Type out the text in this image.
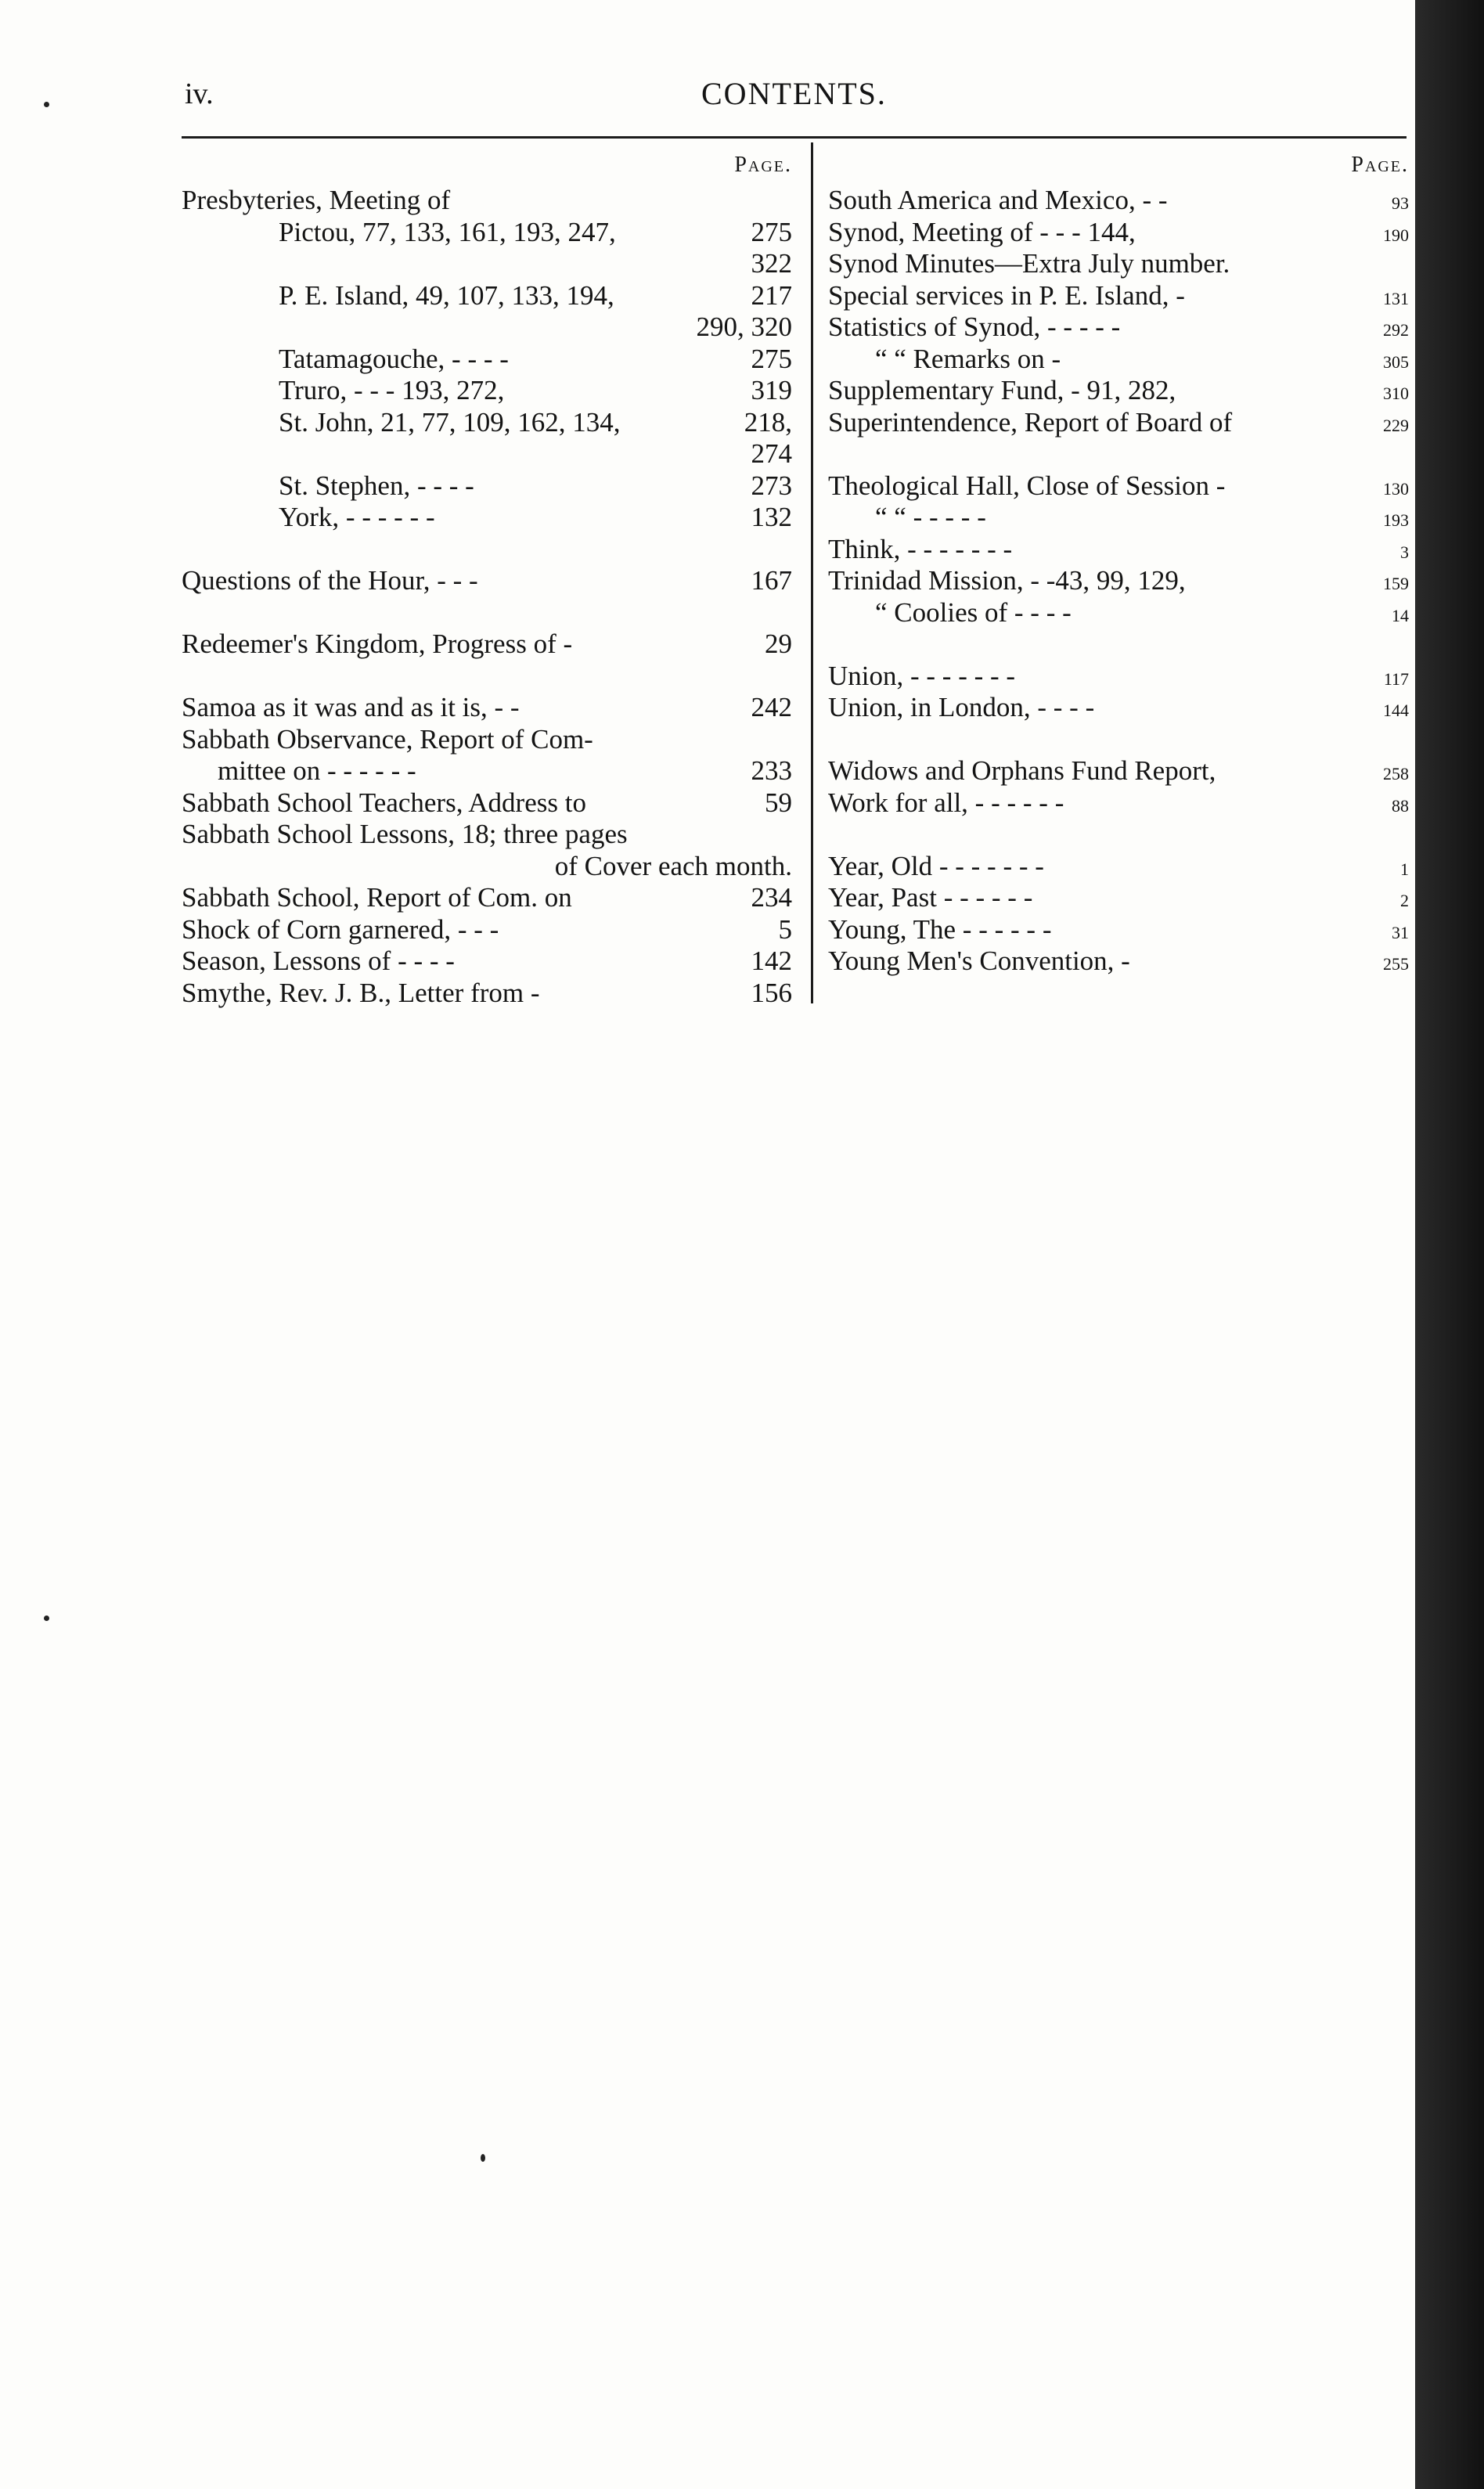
iv.	CONTENTS.
Page.
Presbyteries, Meeting of
Pictou, 77, 133, 161, 193, 247,	275
322
P. E. Island, 49, 107, 133, 194,	217
290, 320
Tatamagouche, - - - -	275
Truro, - - - 193, 272,	319
St. John, 21, 77, 109, 162, 134,	218,
274
St. Stephen, - - - -	273
York, - - - - - -	132
Questions of the Hour, - - -	167
Redeemer's Kingdom, Progress of -	29
Samoa as it was and as it is, - -	242
Sabbath Observance, Report of Com-
mittee on - - - - - -	233
Sabbath School Teachers, Address to	59
Sabbath School Lessons, 18; three pages
of Cover each month.
Sabbath School, Report of Com. on	234
Shock of Corn garnered, - - -	5
Season, Lessons of - - - -	142
Smythe, Rev. J. B., Letter from -	156
Page.
South America and Mexico, - -	93
Synod, Meeting of - - - 144,	190
Synod Minutes—Extra July number.
Special services in P. E. Island, -	131
Statistics of Synod, - - - - -	292
“ “ Remarks on -	305
Supplementary Fund, - 91, 282,	310
Superintendence, Report of Board of	229
Theological Hall, Close of Session -	130
“ “ - - - - -	193
Think, - - - - - - -	3
Trinidad Mission, - -43, 99, 129,	159
“ Coolies of - - - -	14
Union, - - - - - - -	117
Union, in London, - - - -	144
Widows and Orphans Fund Report,	258
Work for all, - - - - - -	88
Year, Old - - - - - - -	1
Year, Past - - - - - -	2
Young, The - - - - - -	31
Young Men's Convention, -	255
